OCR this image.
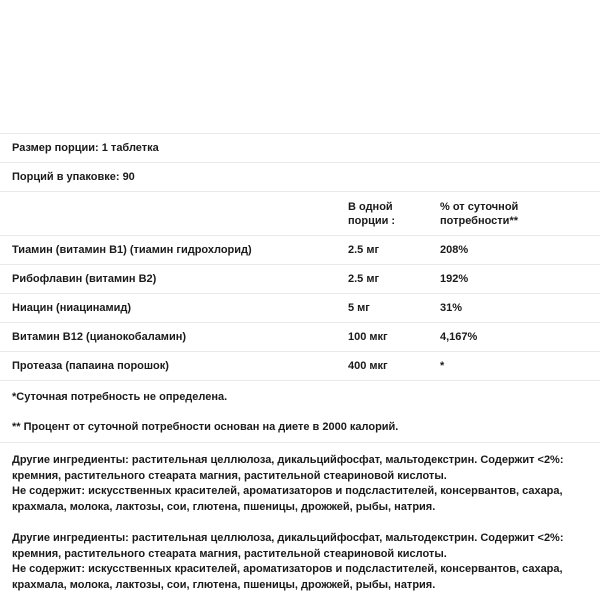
Размер порции: 1 таблетка
Порций в упаковке: 90
	В одной порции :	% от суточной потребности**
Тиамин (витамин B1) (тиамин гидрохлорид)	2.5 мг	208%
Рибофлавин (витамин B2)	2.5 мг	192%
Ниацин (ниацинамид)	5 мг	31%
Витамин B12 (цианокобаламин)	100 мкг	4,167%
Протеаза (папаина порошок)	400 мкг	*
*Суточная потребность не определена.
** Процент от суточной потребности основан на диете в 2000 калорий.
Другие ингредиенты: растительная целлюлоза, дикальцийфосфат, мальтодекстрин. Содержит <2%: кремния, растительного стеарата магния, растительной стеариновой кислоты.
Не содержит: искусственных красителей, ароматизаторов и подсластителей, консервантов, сахара, крахмала, молока, лактозы, сои, глютена, пшеницы, дрожжей, рыбы, натрия.
Другие ингредиенты: растительная целлюлоза, дикальцийфосфат, мальтодекстрин. Содержит <2%: кремния, растительного стеарата магния, растительной стеариновой кислоты.
Не содержит: искусственных красителей, ароматизаторов и подсластителей, консервантов, сахара, крахмала, молока, лактозы, сои, глютена, пшеницы, дрожжей, рыбы, натрия.
